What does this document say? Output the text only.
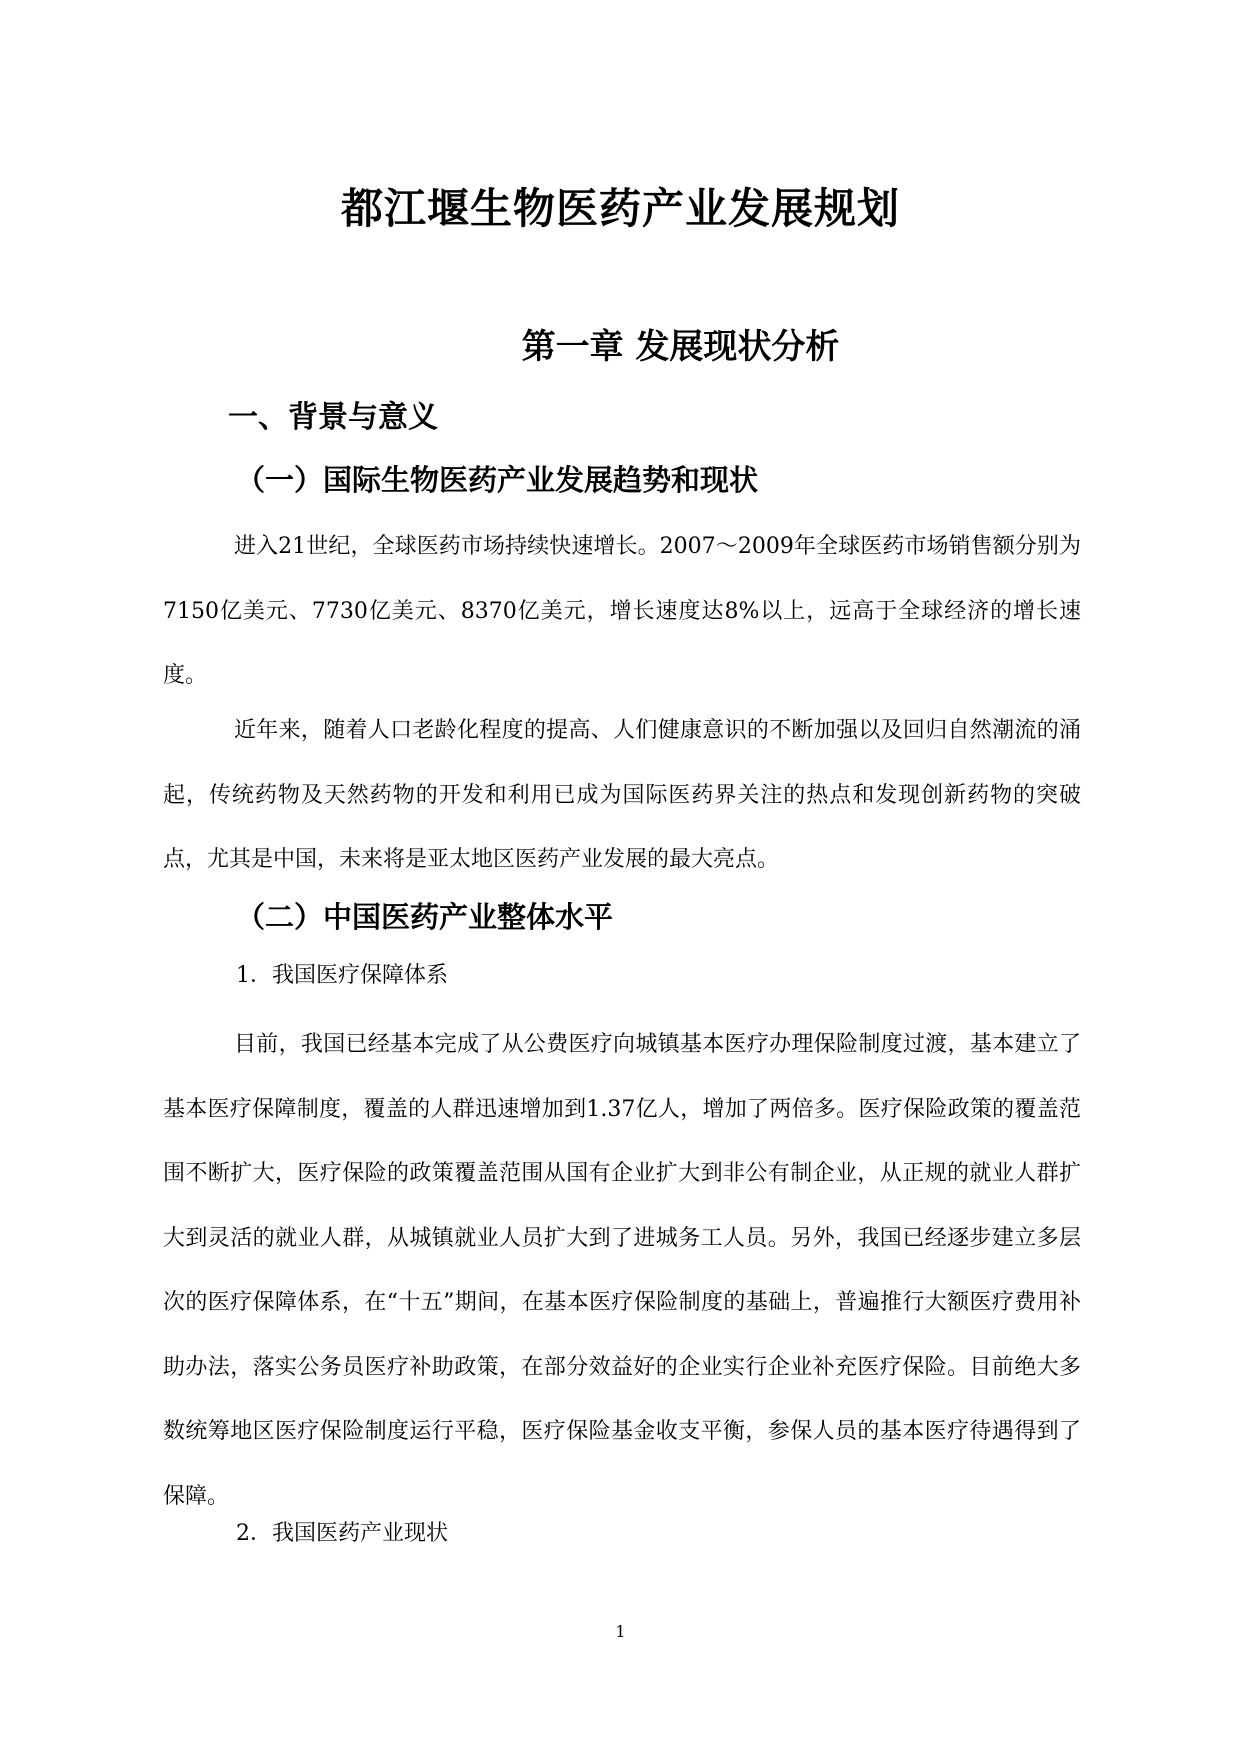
都江堰生物医药产业发展规划
第一章 发展现状分析
一、背景与意义
（一）国际生物医药产业发展趋势和现状

进入21世纪，全球医药市场持续快速增长。2007～2009年全球医药市场销售额分别为7150亿美元、7730亿美元、8370亿美元，增长速度达8%以上，远高于全球经济的增长速度。

近年来，随着人口老龄化程度的提高、人们健康意识的不断加强以及回归自然潮流的涌起，传统药物及天然药物的开发和利用已成为国际医药界关注的热点和发现创新药物的突破点，尤其是中国，未来将是亚太地区医药产业发展的最大亮点。

（二）中国医药产业整体水平
1．我国医疗保障体系

目前，我国已经基本完成了从公费医疗向城镇基本医疗办理保险制度过渡，基本建立了基本医疗保障制度，覆盖的人群迅速增加到1.37亿人，增加了两倍多。医疗保险政策的覆盖范围不断扩大，医疗保险的政策覆盖范围从国有企业扩大到非公有制企业，从正规的就业人群扩大到灵活的就业人群，从城镇就业人员扩大到了进城务工人员。另外，我国已经逐步建立多层次的医疗保障体系，在“十五”期间，在基本医疗保险制度的基础上，普遍推行大额医疗费用补助办法，落实公务员医疗补助政策，在部分效益好的企业实行企业补充医疗保险。目前绝大多数统筹地区医疗保险制度运行平稳，医疗保险基金收支平衡，参保人员的基本医疗待遇得到了保障。

2．我国医药产业现状
1
